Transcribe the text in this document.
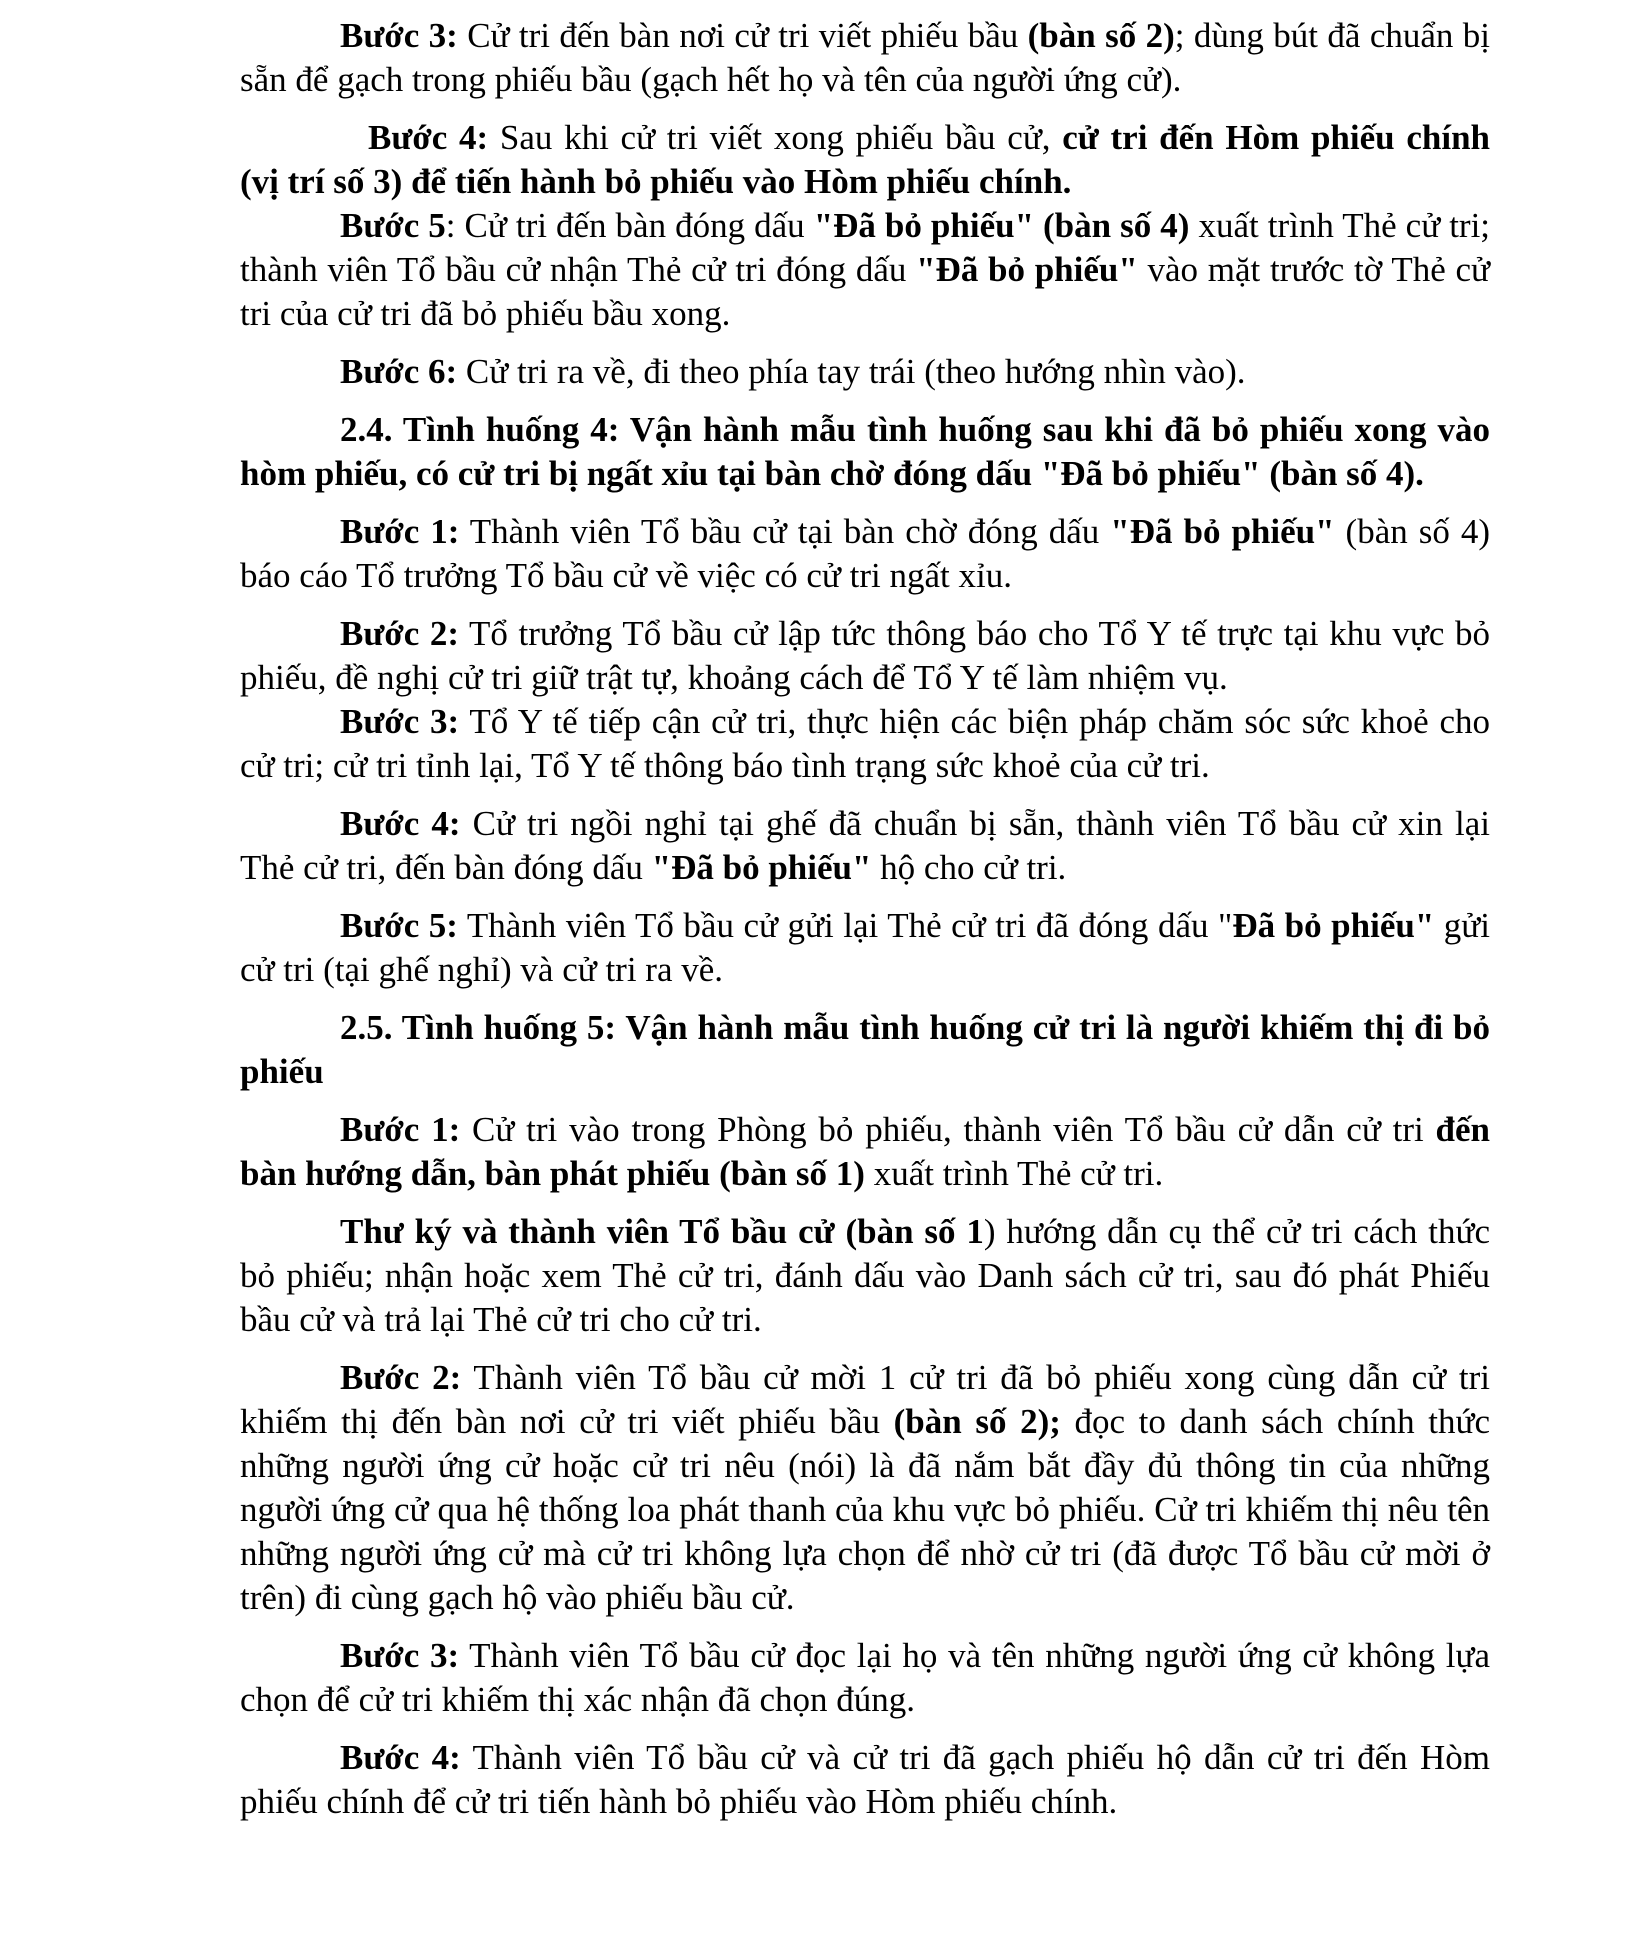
Bước 3: Cử tri đến bàn nơi cử tri viết phiếu bầu (bàn số 2); dùng bút đã chuẩn bị sẵn để gạch trong phiếu bầu (gạch hết họ và tên của người ứng cử).

Bước 4: Sau khi cử tri viết xong phiếu bầu cử, cử tri đến Hòm phiếu chính (vị trí số 3) để tiến hành bỏ phiếu vào Hòm phiếu chính.

Bước 5: Cử tri đến bàn đóng dấu "Đã bỏ phiếu" (bàn số 4) xuất trình Thẻ cử tri; thành viên Tổ bầu cử nhận Thẻ cử tri đóng dấu "Đã bỏ phiếu" vào mặt trước tờ Thẻ cử tri của cử tri đã bỏ phiếu bầu xong.

Bước 6: Cử tri ra về, đi theo phía tay trái (theo hướng nhìn vào).

2.4. Tình huống 4: Vận hành mẫu tình huống sau khi đã bỏ phiếu xong vào hòm phiếu, có cử tri bị ngất xỉu tại bàn chờ đóng dấu "Đã bỏ phiếu" (bàn số 4).

Bước 1: Thành viên Tổ bầu cử tại bàn chờ đóng dấu "Đã bỏ phiếu" (bàn số 4) báo cáo Tổ trưởng Tổ bầu cử về việc có cử tri ngất xỉu.

Bước 2: Tổ trưởng Tổ bầu cử lập tức thông báo cho Tổ Y tế trực tại khu vực bỏ phiếu, đề nghị cử tri giữ trật tự, khoảng cách để Tổ Y tế làm nhiệm vụ.

Bước 3: Tổ Y tế tiếp cận cử tri, thực hiện các biện pháp chăm sóc sức khoẻ cho cử tri; cử tri tỉnh lại, Tổ Y tế thông báo tình trạng sức khoẻ của cử tri.

Bước 4: Cử tri ngồi nghỉ tại ghế đã chuẩn bị sẵn, thành viên Tổ bầu cử xin lại Thẻ cử tri, đến bàn đóng dấu "Đã bỏ phiếu" hộ cho cử tri.

Bước 5: Thành viên Tổ bầu cử gửi lại Thẻ cử tri đã đóng dấu "Đã bỏ phiếu" gửi cử tri (tại ghế nghỉ) và cử tri ra về.

2.5. Tình huống 5: Vận hành mẫu tình huống cử tri là người khiếm thị đi bỏ phiếu

Bước 1: Cử tri vào trong Phòng bỏ phiếu, thành viên Tổ bầu cử dẫn cử tri đến bàn hướng dẫn, bàn phát phiếu (bàn số 1) xuất trình Thẻ cử tri.

Thư ký và thành viên Tổ bầu cử (bàn số 1) hướng dẫn cụ thể cử tri cách thức bỏ phiếu; nhận hoặc xem Thẻ cử tri, đánh dấu vào Danh sách cử tri, sau đó phát Phiếu bầu cử và trả lại Thẻ cử tri cho cử tri.

Bước 2: Thành viên Tổ bầu cử mời 1 cử tri đã bỏ phiếu xong cùng dẫn cử tri khiếm thị đến bàn nơi cử tri viết phiếu bầu (bàn số 2); đọc to danh sách chính thức những người ứng cử hoặc cử tri nêu (nói) là đã nắm bắt đầy đủ thông tin của những người ứng cử qua hệ thống loa phát thanh của khu vực bỏ phiếu. Cử tri khiếm thị nêu tên những người ứng cử mà cử tri không lựa chọn để nhờ cử tri (đã được Tổ bầu cử mời ở trên) đi cùng gạch hộ vào phiếu bầu cử.

Bước 3: Thành viên Tổ bầu cử đọc lại họ và tên những người ứng cử không lựa chọn để cử tri khiếm thị xác nhận đã chọn đúng.

Bước 4: Thành viên Tổ bầu cử và cử tri đã gạch phiếu hộ dẫn cử tri đến Hòm phiếu chính để cử tri tiến hành bỏ phiếu vào Hòm phiếu chính.
